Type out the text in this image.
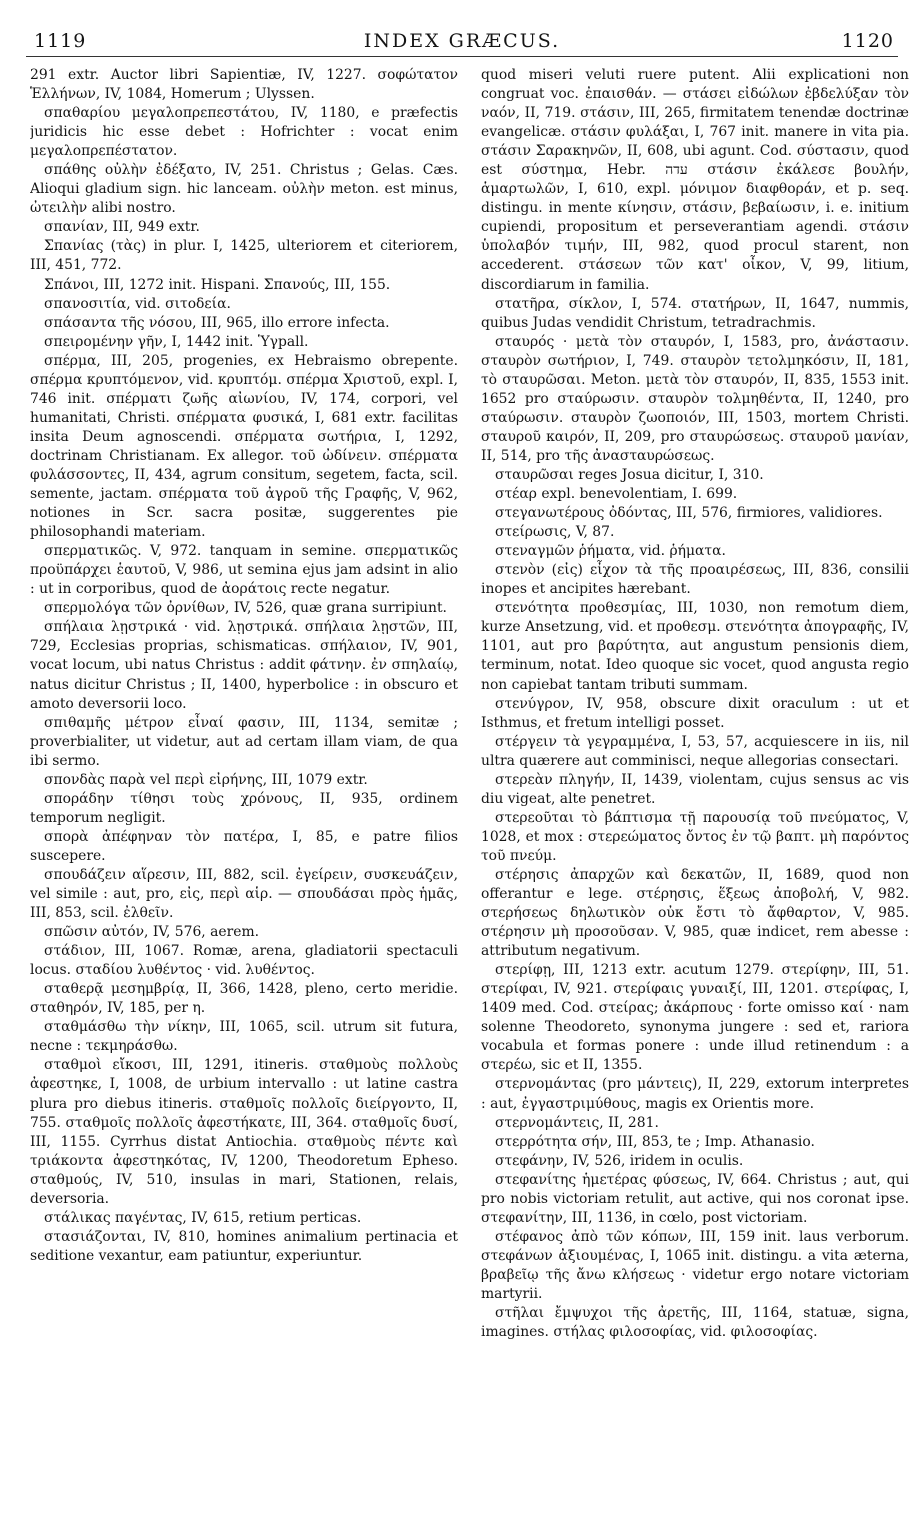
1119	INDEX GRÆCUS.	1120

291 extr. Auctor libri Sapientiæ, IV, 1227. σοφώτατον Ἑλλήνων, IV, 1084, Homerum ; Ulyssen.

σπαθαρίου μεγαλοπρεπεστάτου, IV, 1180, e præfectis juridicis hic esse debet : Hofrichter : vocat enim μεγαλοπρεπέστατον.

σπάθης οὐλὴν ἐδέξατο, IV, 251. Christus ; Gelas. Cæs. Alioqui gladium sign. hic lanceam. οὐλὴν meton. est minus, ὠτειλὴν alibi nostro.

σπανίαν, III, 949 extr.

Σπανίας (τὰς) in plur. I, 1425, ulteriorem et citeriorem, III, 451, 772.

Σπάνοι, III, 1272 init. Hispani. Σπανούς, III, 155.

σπανοσιτία, vid. σιτοδεία.

σπάσαντα τῆς νόσου, III, 965, illo errore infecta.

σπειρομένην γῆν, I, 1442 init. Ὑγpall.

σπέρμα, III, 205, progenies, ex Hebraismo obrepente. σπέρμα κρυπτόμενον, vid. κρυπτόμ. σπέρμα Χριστοῦ, expl. I, 746 init. σπέρματι ζωῆς αἰωνίου, IV, 174, corpori, vel humanitati, Christi. σπέρματα φυσικά, I, 681 extr. facilitas insita Deum agnoscendi. σπέρματα σωτήρια, I, 1292, doctrinam Christianam. Ex allegor. τοῦ ὠδίνειν. σπέρματα φυλάσσοντες, II, 434, agrum consitum, segetem, facta, scil. semente, jactam. σπέρματα τοῦ ἀγροῦ τῆς Γραφῆς, V, 962, notiones in Scr. sacra positæ, suggerentes pie philosophandi materiam.

σπερματικῶς. V, 972. tanquam in semine. σπερματικῶς προϋπάρχει ἑαυτοῦ, V, 986, ut semina ejus jam adsint in alio : ut in corporibus, quod de ἀοράτοις recte negatur.

σπερμολόγα τῶν ὀρνίθων, IV, 526, quæ grana surripiunt.

σπήλαια λῃστρικά · vid. λῃστρικά. σπήλαια λῃστῶν, III, 729, Ecclesias proprias, schismaticas. σπήλαιον, IV, 901, vocat locum, ubi natus Christus : addit φάτνην. ἐν σπηλαίῳ, natus dicitur Christus ; II, 1400, hyperbolice : in obscuro et amoto deversorii loco.

σπιθαμῆς μέτρον εἶναί φασιν, III, 1134, semitæ ; proverbialiter, ut videtur, aut ad certam illam viam, de qua ibi sermo.

σπονδὰς παρὰ vel περὶ εἰρήνης, III, 1079 extr.

σποράδην τίθησι τοὺς χρόνους, II, 935, ordinem temporum negligit.

σπορὰ ἀπέφηναν τὸν πατέρα, I, 85, e patre filios suscepere.

σπουδάζειν αἵρεσιν, III, 882, scil. ἐγείρειν, συσκευάζειν, vel simile : aut, pro, εἰς, περὶ αἱρ. — σπουδάσαι πρὸς ἡμᾶς, III, 853, scil. ἐλθεῖν.

σπῶσιν αὐτόν, IV, 576, aerem.

στάδιον, III, 1067. Romæ, arena, gladiatorii spectaculi locus. σταδίου λυθέντος · vid. λυθέντος.

σταθερᾷ μεσημβρίᾳ, II, 366, 1428, pleno, certo meridie. σταθηρόν, IV, 185, per η.

σταθμάσθω τὴν νίκην, III, 1065, scil. utrum sit futura, necne : τεκμηράσθω.

σταθμοὶ εἴκοσι, III, 1291, itineris. σταθμοὺς πολλοὺς ἀφεστηκε, I, 1008, de urbium intervallo : ut latine castra plura pro diebus itineris. σταθμοῖς πολλοῖς διείργοντο, II, 755. σταθμοῖς πολλοῖς ἀφεστήκατε, III, 364. σταθμοῖς δυσί, III, 1155. Cyrrhus distat Antiochia. σταθμοὺς πέντε καὶ τριάκοντα ἀφεστηκότας, IV, 1200, Theodoretum Epheso. σταθμούς, IV, 510, insulas in mari, Stationen, relais, deversoria.

στάλικας παγέντας, IV, 615, retium perticas.

στασιάζονται, IV, 810, homines animalium pertinacia et seditione vexantur, eam patiuntur, experiuntur.

quod miseri veluti ruere putent. Alii explicationi non congruat voc. ἐπαισθάν. — στάσει εἰδώλων ἐβδελύξαν τὸν ναόν, II, 719. στάσιν, III, 265, firmitatem tenendæ doctrinæ evangelicæ. στάσιν φυλάξαι, I, 767 init. manere in vita pia. στάσιν Σαρακηνῶν, II, 608, ubi agunt. Cod. σύστασιν, quod est σύστημα, Hebr. עדה στάσιν ἐκάλεσε βουλήν, ἁμαρτωλῶν, I, 610, expl. μόνιμον διαφθοράν, et p. seq. distingu. in mente κίνησιν, στάσιν, βεβαίωσιν, i. e. initium cupiendi, propositum et perseverantiam agendi. στάσιν ὑπολαβόν τιμήν, III, 982, quod procul starent, non accederent. στάσεων τῶν κατ' οἶκον, V, 99, litium, discordiarum in familia.

στατῆρα, σίκλον, I, 574. στατήρων, II, 1647, nummis, quibus Judas vendidit Christum, tetradrachmis.

σταυρός · μετὰ τὸν σταυρόν, I, 1583, pro, ἀνάστασιν. σταυρὸν σωτήριον, I, 749. σταυρὸν τετολμηκόσιν, II, 181, τὸ σταυρῶσαι. Meton. μετὰ τὸν σταυρόν, II, 835, 1553 init. 1652 pro σταύρωσιν. σταυρὸν τολμηθέντα, II, 1240, pro σταύρωσιν. σταυρὸν ζωοποιόν, III, 1503, mortem Christi. σταυροῦ καιρόν, II, 209, pro σταυρώσεως. σταυροῦ μανίαν, II, 514, pro τῆς ἀνασταυρώσεως.

σταυρῶσαι reges Josua dicitur, I, 310.

στέαρ expl. benevolentiam, I. 699.

στεγανωτέρους ὀδόντας, III, 576, firmiores, validiores.

στείρωσις, V, 87.

στεναγμῶν ῥήματα, vid. ῥήματα.

στενὸν (εἰς) εἶχον τὰ τῆς προαιρέσεως, III, 836, consilii inopes et ancipites hærebant.

στενότητα προθεσμίας, III, 1030, non remotum diem, kurze Ansetzung, vid. et προθεσμ. στενότητα ἀπογραφῆς, IV, 1101, aut pro βαρύτητα, aut angustum pensionis diem, terminum, notat. Ideo quoque sic vocet, quod angusta regio non capiebat tantam tributi summam.

στενύγρον, IV, 958, obscure dixit oraculum : ut et Isthmus, et fretum intelligi posset.

στέργειν τὰ γεγραμμένα, I, 53, 57, acquiescere in iis, nil ultra quærere aut comminisci, neque allegorias consectari.

στερεὰν πληγήν, II, 1439, violentam, cujus sensus ac vis diu vigeat, alte penetret.

στερεοῦται τὸ βάπτισμα τῇ παρουσίᾳ τοῦ πνεύματος, V, 1028, et mox : στερεώματος ὄντος ἐν τῷ βαπτ. μὴ παρόντος τοῦ πνεύμ.

στέρησις ἀπαρχῶν καὶ δεκατῶν, II, 1689, quod non offerantur e lege. στέρησις, ἕξεως ἀποβολή, V, 982. στερήσεως δηλωτικὸν οὐκ ἔστι τὸ ἄφθαρτον, V, 985. στέρησιν μὴ προσοῦσαν. V, 985, quæ indicet, rem abesse : attributum negativum.

στερίφῃ, III, 1213 extr. acutum 1279. στερίφην, III, 51. στερίφαι, IV, 921. στερίφαις γυναιξί, III, 1201. στερίφας, I, 1409 med. Cod. στείρας; ἀκάρπους · forte omisso καί · nam solenne Theodoreto, synonyma jungere : sed et, rariora vocabula et formas ponere : unde illud retinendum : a στερέω, sic et II, 1355.

στερνομάντας (pro μάντεις), II, 229, extorum interpretes : aut, ἐγγαστριμύθους, magis ex Orientis more.

στερνομάντεις, II, 281.

στερρότητα σήν, III, 853, te ; Imp. Athanasio.

στεφάνην, IV, 526, iridem in oculis.

στεφανίτης ἡμετέρας φύσεως, IV, 664. Christus ; aut, qui pro nobis victoriam retulit, aut active, qui nos coronat ipse. στεφανίτην, III, 1136, in cœlo, post victoriam.

στέφανος ἀπὸ τῶν κόπων, III, 159 init. laus verborum. στεφάνων ἀξιουμένας, I, 1065 init. distingu. a vita æterna, βραβεῖῳ τῆς ἄνω κλήσεως · videtur ergo notare victoriam martyrii.

στῆλαι ἔμψυχοι τῆς ἀρετῆς, III, 1164, statuæ, signa, imagines. στήλας φιλοσοφίας, vid. φιλοσοφίας.
